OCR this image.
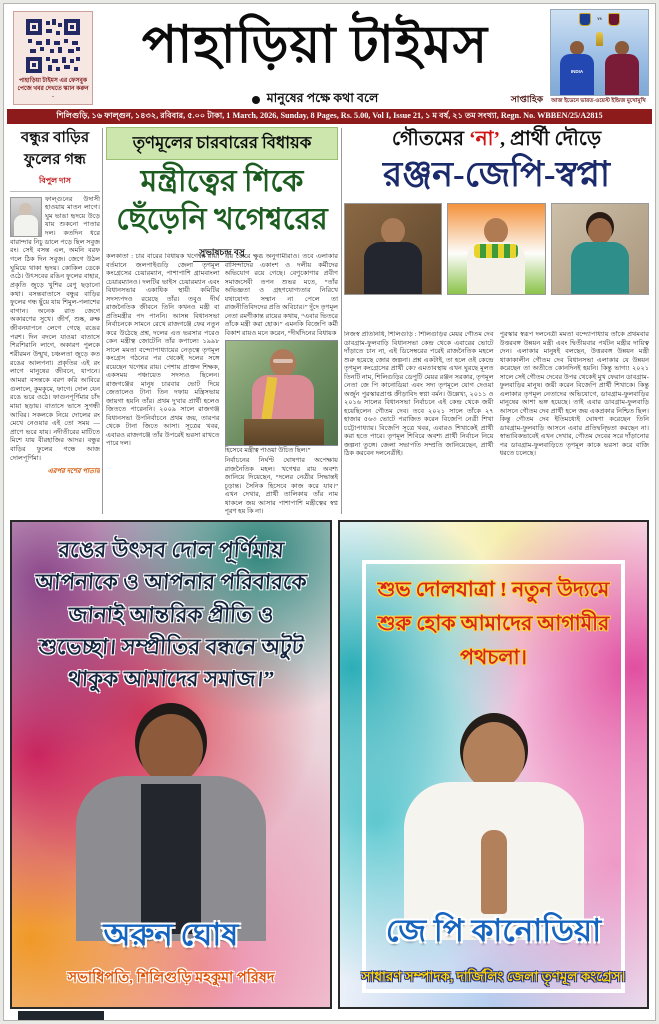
পাহাড়িয়া টাইমস এর ফেসবুক পেজে খবর দেখতে স্ক্যান করুন -
পাহাড়িয়া টাইমস
মানুষের পক্ষে কথা বলে	সাপ্তাহিক
vs
INDIA
আজ ইডেনে ভারত-ওয়েস্ট ইন্ডিজ মুখোমুখি
শিলিগুড়ি, ১৬ ফাল্গুন, ১৪৩২, রবিবার, ৫.০০ টাকা, 1 March, 2026, Sunday, 8 Pages, Rs. 5.00, Vol I, Issue 21, ১ ম বর্ষ, ২১ তম সংখ্যা, Regn. No. WBBEN/25/A2815
বন্ধুর বাড়ির
ফুলের গন্ধ
বিপুল দাস
ফাল্গুনের উদাসী হাওয়ায় মাতন লাগে। ঘুম ভাঙা হৃদয়ে উড়ে যায় শুকনো পাতার দল। কতদিন ধরে বারান্দার নিচু ডালে পড়ে ছিল সবুজ রং। সেই বসন্ত এল, অমনি বরফ গলে ঠিক দিন সবুজ। জেগে উঠল ঘুমিয়ে থাকা হৃদয়। কোকিল ডেকে ওঠে। উৎসবের রঙিন ফুলের বাহার, প্রকৃতি জুড়ে খুশির রেণু ছড়ানো কথা। বসন্তবাতাসে বন্ধুর বাড়ির ফুলের গন্ধ ছুঁয়ে যায় শিমুল-পলাশের বাগান। অনেক রাত জেগে অকারণের সুখে। জীর্ণ, শুষ্ক, রুক্ষ জীবনযাপনে লেগে গেছে রঙের পরশ। দিন বদলে যাওয়া বাতাসে শিরশিরানি লাগে, অকারণ পুলকে শরীরমন উন্মুখ, চঞ্চলতা জুড়ে কত রঙের আলপনা। প্রকৃতির এই রং লাগে মানুষের জীবনে, যাপনে। আমরা বসন্তকে বরণ করি আবিরে গুলালে, কুমকুমে, ফাগে। দোল যেন রঙে ভরে ওঠে। ফাগুনপূর্ণিমার চাঁদ মায়া ছড়ায়। বাতাসে ভাসে সুগন্ধী আবির। সকলকে নিয়ে দোলের রং মেখে নেওয়ার এই তো সময় — প্রাণে ভরে যায়। নদীতীরের মাটিতে মিশে যায় বীরহাজির আদর। বন্ধুর বাড়ির ফুলের গন্ধে আজ দোলপূর্ণিমা।
এরপর দশের পাতায়
তৃণমূলের চারবারের বিধায়ক
মন্ত্রীত্বের শিকে
ছেঁড়েনি খগেশ্বরের
সুভাষচন্দ্র বসু
কলকাতা : চার বারের বিধায়ক খগেশ্বর রায়। বর্তমানে জলপাইগুড়ি জেলা তৃণমূল কংগ্রেসের চেয়ারম্যান, পাশাপাশি গ্রামবাংলা চেয়ারম্যানও। দলটির ভাইস চেয়ারম্যান এবং বিধানসভার একাধিক স্থায়ী কমিটির সদস্যপদও রয়েছে তাঁর। তবুও দীর্ঘ রাজনৈতিক জীবনে তিনি কখনও মন্ত্রী বা প্রতিমন্ত্রীর পদ পাননি। আসন্ন বিধানসভা নির্বাচনকে সামনে রেখে রাজগঞ্জে ফের নতুন করে উঠেছে প্রশ্ন, দলের এত ভরসার পরেও কেন মন্ত্রীত্ব জোটেনি তাঁর কপালে! ১৯৯৮ সালে মমতা বন্দ্যোপাধ্যায়ের নেতৃত্বে তৃণমূল কংগ্রেস গঠনের পর থেকেই দলের সঙ্গে রয়েছেন খগেশ্বর রায়। পেশায় প্রাক্তন শিক্ষক, একসময় পঞ্চায়েত সদস্যও ছিলেন। রাজগঞ্জের মানুষ চারবার ভোট দিয়ে জেতালেও টানা তিন দফায় মন্ত্রিসভায় জায়গা হয়নি তাঁর। প্রথম দু'বার প্রার্থী হলেও জিততে পারেননি। ২০০৯ সালে রাজগঞ্জ বিধানসভা উপনির্বাচনে প্রথম জয়, তারপর থেকে টানা জিতে আসা। সূত্রের খবর, এবারও রাজগঞ্জে তাঁর উপরেই ভরসা রাখতে পারে দল।
এর জেরে ক্ষুব্ধ অনুগামীরাও। তবে এলাকার বাসিন্দাদের একাংশ ও দলীয় কর্মীদের অভিযোগ রয়ে গেছে। বেণুকোণার প্রবীণ সমাজসেবী তপন শুভর মতে, “তাঁর অভিজ্ঞতা ও গ্রহণযোগ্যতার নিরিখে যথাযোগ্য সম্মান না পেলে তা রাজনীতিবিদদের প্রতি অবিচার।” দুঁদে তৃণমূল নেতা রমণীকান্ত রায়ের কথায়, “এবার ভিতরে তাঁকে মন্ত্রী করা হোক।” এমনকি বিজেপি কর্মী বিকাশ রায়ও মনে করেন, “দীর্ঘদিনের বিধায়ক
হিসেবে মন্ত্রীত্ব পাওয়া উচিত ছিল।”
নির্বাচনের নির্ঘণ্ট ঘোষণার অপেক্ষায় রাজনৈতিক মহল। খগেশ্বর রায় অবশ্য জানিয়ে দিয়েছেন, “দলের নেত্রীর সিদ্ধান্তই চূড়ান্ত। সৈনিক হিসেবে কাজ করে যাব।” এখন দেখার, প্রার্থী তালিকায় তাঁর নাম থাকলে জয় আসার পাশাপাশি মন্ত্রীত্বের স্বপ্ন পূরণ হয় কি না।
গৌতমের ‘না’, প্রার্থী দৌড়ে
রঞ্জন-জেপি-স্বপ্না
নিজস্ব প্রতিনিধি, শিলিগুড়ি : শিলিগুড়ির মেয়র গৌতম দেব ডাবগ্রাম-ফুলবাড়ি বিধানসভা কেন্দ্র থেকে এবারের ভোটে দাঁড়াতে চান না, এই ডিসেম্বরের পরেই রাজনৈতিক মহলে শুরু হয়েছে জোর জল্পনা। প্রশ্ন একটাই, তা হলে ওই কেন্দ্রে তৃণমূল কংগ্রেসের প্রার্থী কে? এমতাবস্থায় এখন ঘুরছে মূলত তিনটি নাম, শিলিগুড়ির ডেপুটি মেয়র রঞ্জন সরকার, তৃণমূল নেতা জে পি কানোডিয়া এবং সদ্য তৃণমূলে যোগ দেওয়া অর্জুন পুরস্কারপ্রাপ্ত ক্রীড়াবিদ স্বপ্না বর্মন। উল্লেখ্য, ২০১১ ও ২০১৬ সালের বিধানসভা নির্বাচনে এই কেন্দ্র থেকে জয়ী হয়েছিলেন গৌতম দেব। তবে ২০২১ সালে তাঁকে ২৭ হাজার ৫৬৩ ভোটে পরাজিত করেন বিজেপি নেত্রী শিখা চট্টোপাধ্যায়। বিজেপি সূত্রে খবর, এবারও শিখাকেই প্রার্থী করা হতে পারে। তৃণমূল শিবিরে অবশ্য প্রার্থী নির্বাচন নিয়ে জল্পনা তুঙ্গে। জেলা সভাপতি সম্প্রতি জানিয়েছেন, প্রার্থী ঠিক করবেন দলনেত্রীই।
পুরস্কার স্বরূপ দলনেত্রী মমতা বন্দ্যোপাধ্যায় তাঁকে প্রথমবার উত্তরবঙ্গ উন্নয়ন মন্ত্রী এবং দ্বিতীয়বার পর্যটন মন্ত্রীর দায়িত্ব দেন। এলাকার মানুষই বলছেন, উত্তরবঙ্গ উন্নয়ন মন্ত্রী থাকাকালীন গৌতম দেব বিধানসভা এলাকার যে উন্নয়ন করেছেন তা অতীতে কোনদিনই হয়নি। কিন্তু ভাগ্য! ২০২১ সালে সেই গৌতম দেবের উপর থেকেই মুখ ফেরান ডাবগ্রাম-ফুলবাড়ির মানুষ। জয়ী করেন বিজেপি প্রার্থী শিখাকে। কিন্তু এলাকার তৃণমূল নেতাদের অভিযোগে, ডাবগ্রাম-ফুলবাড়ির মানুষের আশা ভঙ্গ হয়েছে। তাই এবার ডাবগ্রাম-ফুলবাড়ি আসনে গৌতম দেব প্রার্থী হলে জয় একপ্রকার নিশ্চিত ছিল। কিন্তু গৌতম দেব ইতিমধ্যেই ঘোষণা করেছেন তিনি ডাবগ্রাম-ফুলবাড়ি আসনে এবার প্রতিদ্বন্দ্বিতা করছেন না। স্বাভাবিকভাবেই এখন দেখার, গৌতম দেবের সরে দাঁড়ানোর পর ডাবগ্রাম-ফুলবাড়িতে তৃণমূল কাকে ভরসা করে বাজি ধরতে চলেছে।
রঙের উৎসব দোল পূর্ণিমায়
আপনাকে ও আপনার পরিবারকে
জানাই আন্তরিক প্রীতি ও
শুভেচ্ছা। সম্প্রীতির বন্ধনে অটুট
থাকুক আমাদের সমাজ।”
অরুন ঘোষ
সভাধিপতি, শিলিগুড়ি মহকুমা পরিষদ
শুভ দোলযাত্রা ! নতুন উদ্যমে
শুরু হোক আমাদের আগামীর
পথচলা।
জে পি কানোডিয়া
সাধারণ সম্পাদক, দার্জিলিং জেলা তৃণমূল কংগ্রেস।
